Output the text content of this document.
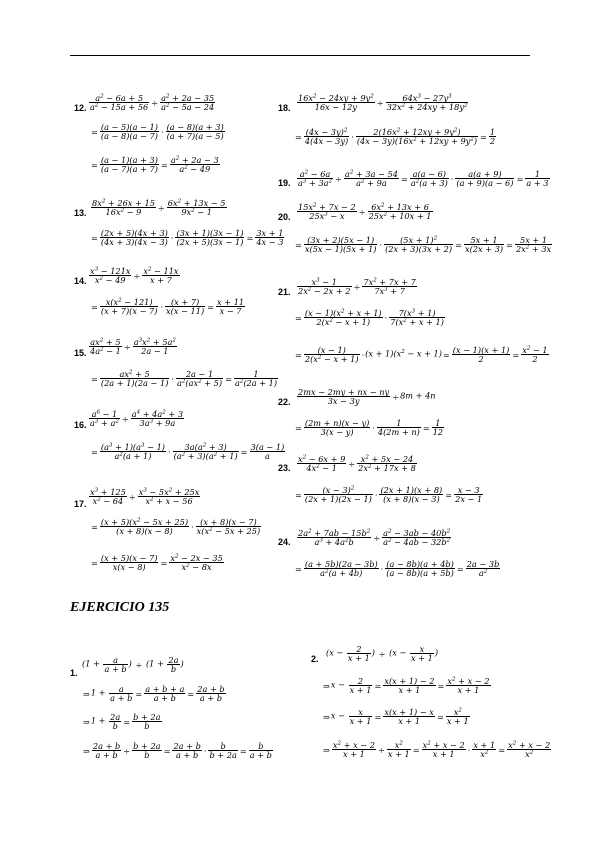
12.
13.
14.
15.
16.
17.
18.
19.
20.
21.
22.
23.
24.
1.
2.
$\frac{a^2 - 6a + 5}{a^2 - 15a + 56} \div \frac{a^2 + 2a - 35}{a^2 - 5a - 24}$
= $\frac{(a - 5)(a - 1)}{(a - 8)(a - 7)} \cdot \frac{(a - 8)(a + 3)}{(a + 7)(a - 5)}$
= $\frac{(a - 1)(a + 3)}{(a - 7)(a + 7)} = \frac{a^2 + 2a - 3}{a^2 - 49}$
$\frac{8x^2 + 26x + 15}{16x^2 - 9} \div \frac{6x^2 + 13x - 5}{9x^2 - 1}$
= $\frac{(2x + 5)(4x + 3)}{(4x + 3)(4x - 3)} \cdot \frac{(3x + 1)(3x - 1)}{(2x + 5)(3x - 1)} = \frac{3x + 1}{4x - 3}$
$\frac{x^3 - 121x}{x^2 - 49} \div \frac{x^2 - 11x}{x + 7}$
= $\frac{x(x^2 - 121)}{(x + 7)(x - 7)} \cdot \frac{(x + 7)}{x(x - 11)} = \frac{x + 11}{x - 7}$
$\frac{ax^2 + 5}{4a^2 - 1} \div \frac{a^3x^2 + 5a^2}{2a - 1}$
= $\frac{ax^2 + 5}{(2a + 1)(2a - 1)} \cdot \frac{2a - 1}{a^2(ax^2 + 5)} = \frac{1}{a^2(2a + 1)}$
$\frac{a^6 - 1}{a^3 + a^2} \div \frac{a^4 + 4a^2 + 3}{3a^3 + 9a}$
= $\frac{(a^3 + 1)(a^3 - 1)}{a^2(a + 1)} \cdot \frac{3a(a^2 + 3)}{(a^2 + 3)(a^2 + 1)} = \frac{3(a - 1)}{a}$
$\frac{x^3 + 125}{x^2 - 64} \div \frac{x^3 - 5x^2 + 25x}{x^2 + x - 56}$
= $\frac{(x + 5)(x^2 - 5x + 25)}{(x + 8)(x - 8)} \cdot \frac{(x + 8)(x - 7)}{x(x^2 - 5x + 25)}$
= $\frac{(x + 5)(x - 7)}{x(x - 8)} = \frac{x^2 - 2x - 35}{x^2 - 8x}$
$\frac{16x^2 - 24xy + 9y^2}{16x - 12y} \div \frac{64x^3 - 27y^3}{32x^2 + 24xy + 18y^2}$
= $\frac{(4x - 3y)^2}{4(4x - 3y)} \cdot \frac{2(16x^2 + 12xy + 9y^2)}{(4x - 3y)(16x^2 + 12xy + 9y^2)} = \frac{1}{2}$
$\frac{a^2 - 6a}{a^3 + 3a^2} \div \frac{a^2 + 3a - 54}{a^2 + 9a} = \frac{a(a - 6)}{a^2(a + 3)} \cdot \frac{a(a + 9)}{(a + 9)(a - 6)} = \frac{1}{a + 3}$
$\frac{15x^2 + 7x - 2}{25x^3 - x} \div \frac{6x^2 + 13x + 6}{25x^2 + 10x + 1}$
= $\frac{(3x + 2)(5x - 1)}{x(5x - 1)(5x + 1)} \cdot \frac{(5x + 1)^2}{(2x + 3)(3x + 2)} = \frac{5x + 1}{x(2x + 3)} = \frac{5x + 1}{2x^2 + 3x}$
$\frac{x^3 - 1}{2x^2 - 2x + 2} \div \frac{7x^2 + 7x + 7}{7x^3 + 7}$
= $\frac{(x - 1)(x^2 + x + 1)}{2(x^2 - x + 1)} \cdot \frac{7(x^3 + 1)}{7(x^2 + x + 1)}$
= $\frac{(x - 1)}{2(x^2 - x + 1)} \cdot(x + 1)(x^2 - x + 1)= \frac{(x - 1)(x + 1)}{2} = \frac{x^2 - 1}{2}$
$\frac{2mx - 2my + nx - ny}{3x - 3y} \div 8m + 4n$
= $\frac{(2m + n)(x - y)}{3(x - y)} \cdot \frac{1}{4(2m + n)} = \frac{1}{12}$
$\frac{x^2 - 6x + 9}{4x^2 - 1} \div \frac{x^2 + 5x - 24}{2x^2 + 17x + 8}$
= $\frac{(x - 3)^2}{(2x + 1)(2x - 1)} \cdot \frac{(2x + 1)(x + 8)}{(x + 8)(x - 3)} = \frac{x - 3}{2x - 1}$
$\frac{2a^2 + 7ab - 15b^2}{a^3 + 4a^2b} \div \frac{a^2 - 3ab - 40b^2}{a^2 - 4ab - 32b^2}$
= $\frac{(a + 5b)(2a - 3b)}{a^2(a + 4b)} \cdot \frac{(a - 8b)(a + 4b)}{(a - 8b)(a + 5b)} = \frac{2a - 3b}{a^2}$
EJERCICIO 135
($1 + \frac{a}{a + b}$ ) ÷ ($1 + \frac{2a}{b}$ )
⇒1 + $\frac{a}{a + b} = \frac{a + b + a}{a + b} = \frac{2a + b}{a + b}$
⇒1 + $\frac{2a}{b} = \frac{b + 2a}{b}$
⇒ $\frac{2a + b}{a + b} \div \frac{b + 2a}{b} = \frac{2a + b}{a + b} \cdot \frac{b}{b + 2a} = \frac{b}{a + b}$
($x - \frac{2}{x + 1}$ ) ÷ ($x - \frac{x}{x + 1}$ )
⇒x − $\frac{2}{x + 1} = \frac{x(x + 1) - 2}{x + 1} = \frac{x^2 + x - 2}{x + 1}$
⇒x − $\frac{x}{x + 1} = \frac{x(x + 1) - x}{x + 1} = \frac{x^2}{x + 1}$
⇒ $\frac{x^2 + x - 2}{x + 1} \div \frac{x^2}{x + 1} = \frac{x^2 + x - 2}{x + 1} \cdot \frac{x + 1}{x^2} = \frac{x^2 + x - 2}{x^2}$
